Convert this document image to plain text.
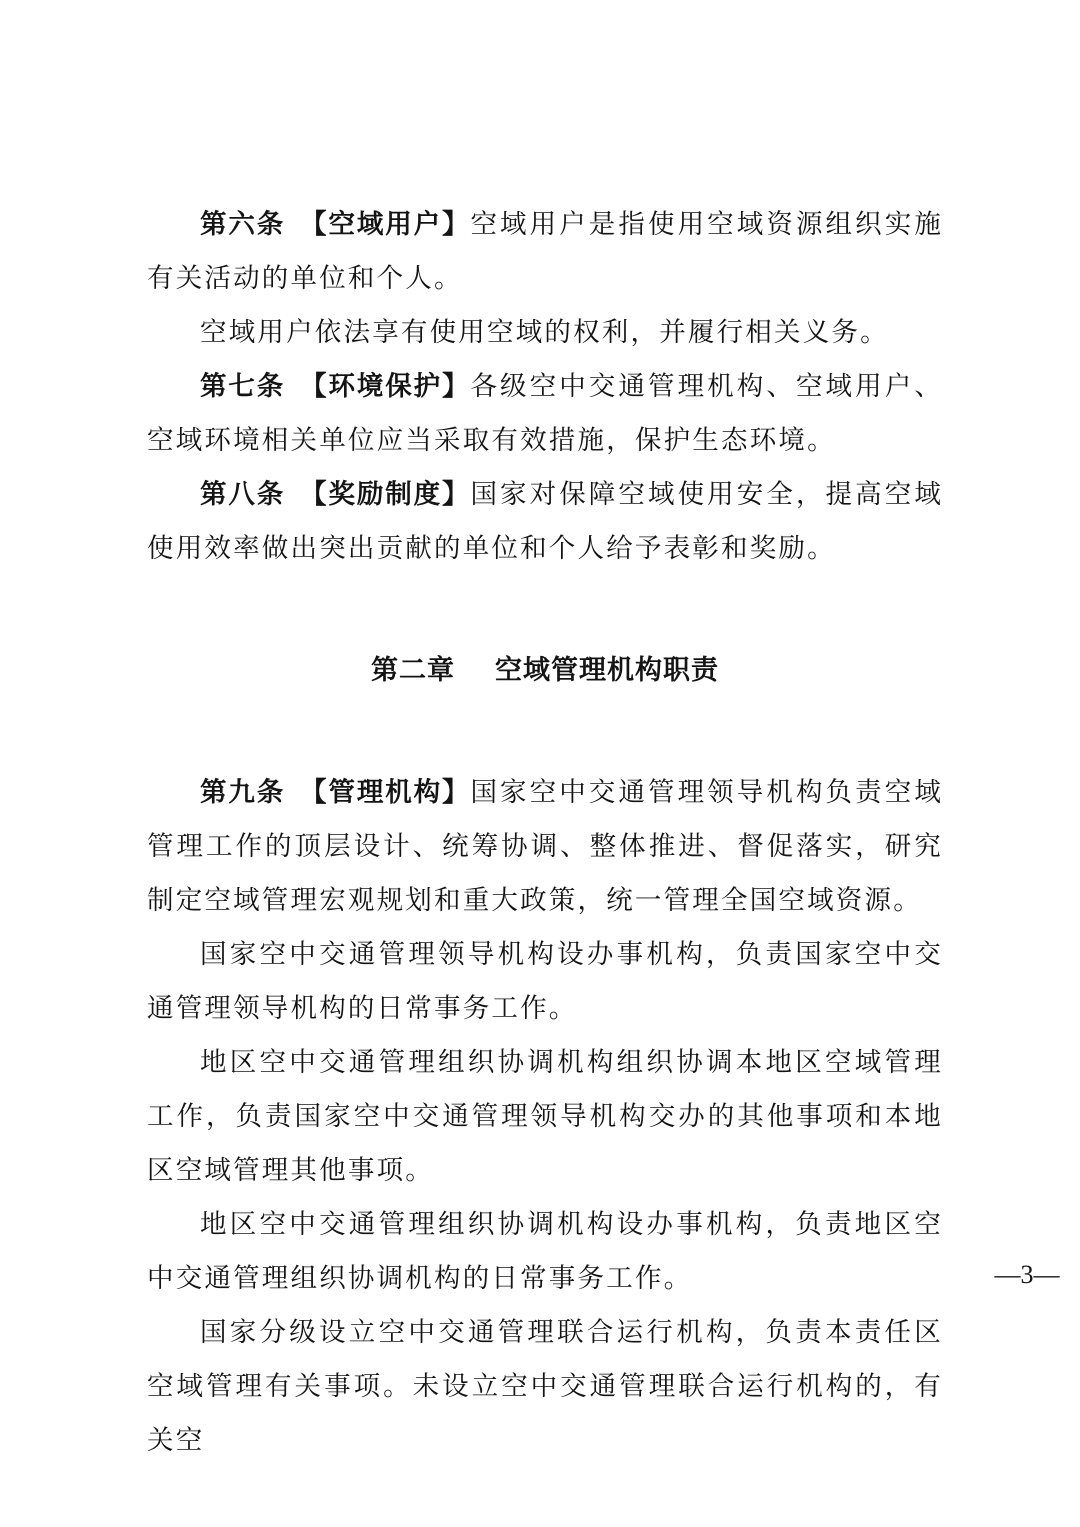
第六条 【空域用户】空域用户是指使用空域资源组织实施有关活动的单位和个人。

空域用户依法享有使用空域的权利，并履行相关义务。

第七条 【环境保护】各级空中交通管理机构、空域用户、空域环境相关单位应当采取有效措施，保护生态环境。

第八条 【奖励制度】国家对保障空域使用安全，提高空域使用效率做出突出贡献的单位和个人给予表彰和奖励。

第二章 空域管理机构职责

第九条 【管理机构】国家空中交通管理领导机构负责空域管理工作的顶层设计、统筹协调、整体推进、督促落实，研究制定空域管理宏观规划和重大政策，统一管理全国空域资源。

国家空中交通管理领导机构设办事机构，负责国家空中交通管理领导机构的日常事务工作。

地区空中交通管理组织协调机构组织协调本地区空域管理工作，负责国家空中交通管理领导机构交办的其他事项和本地区空域管理其他事项。

地区空中交通管理组织协调机构设办事机构，负责地区空中交通管理组织协调机构的日常事务工作。

国家分级设立空中交通管理联合运行机构，负责本责任区空域管理有关事项。未设立空中交通管理联合运行机构的，有关空

—3—
